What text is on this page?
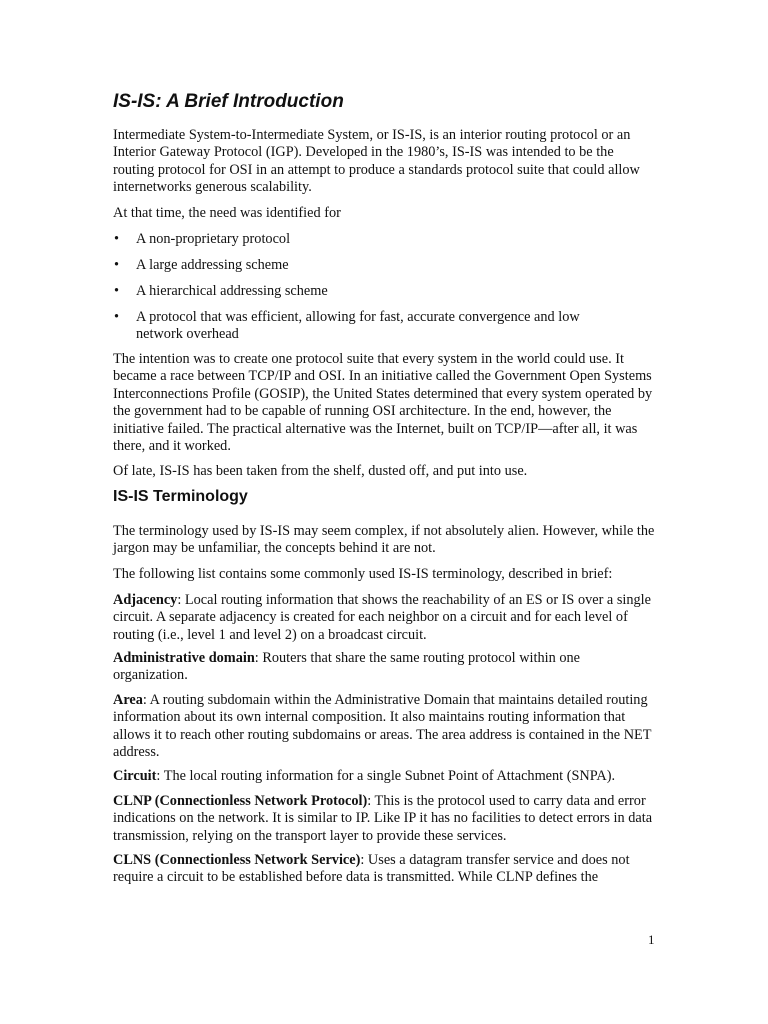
IS-IS: A Brief Introduction

Intermediate System-to-Intermediate System, or IS-IS, is an interior routing protocol or an Interior Gateway Protocol (IGP). Developed in the 1980’s, IS-IS was intended to be the routing protocol for OSI in an attempt to produce a standards protocol suite that could allow internetworks generous scalability.

At that time, the need was identified for

• A non-proprietary protocol
• A large addressing scheme
• A hierarchical addressing scheme
• A protocol that was efficient, allowing for fast, accurate convergence and low network overhead

The intention was to create one protocol suite that every system in the world could use. It became a race between TCP/IP and OSI. In an initiative called the Government Open Systems Interconnections Profile (GOSIP), the United States determined that every system operated by the government had to be capable of running OSI architecture. In the end, however, the initiative failed. The practical alternative was the Internet, built on TCP/IP—after all, it was there, and it worked.

Of late, IS-IS has been taken from the shelf, dusted off, and put into use.

IS-IS Terminology

The terminology used by IS-IS may seem complex, if not absolutely alien. However, while the jargon may be unfamiliar, the concepts behind it are not.

The following list contains some commonly used IS-IS terminology, described in brief:

Adjacency: Local routing information that shows the reachability of an ES or IS over a single circuit. A separate adjacency is created for each neighbor on a circuit and for each level of routing (i.e., level 1 and level 2) on a broadcast circuit.

Administrative domain: Routers that share the same routing protocol within one organization.

Area: A routing subdomain within the Administrative Domain that maintains detailed routing information about its own internal composition. It also maintains routing information that allows it to reach other routing subdomains or areas. The area address is contained in the NET address.

Circuit: The local routing information for a single Subnet Point of Attachment (SNPA).

CLNP (Connectionless Network Protocol): This is the protocol used to carry data and error indications on the network. It is similar to IP. Like IP it has no facilities to detect errors in data transmission, relying on the transport layer to provide these services.

CLNS (Connectionless Network Service): Uses a datagram transfer service and does not require a circuit to be established before data is transmitted. While CLNP defines the

1
